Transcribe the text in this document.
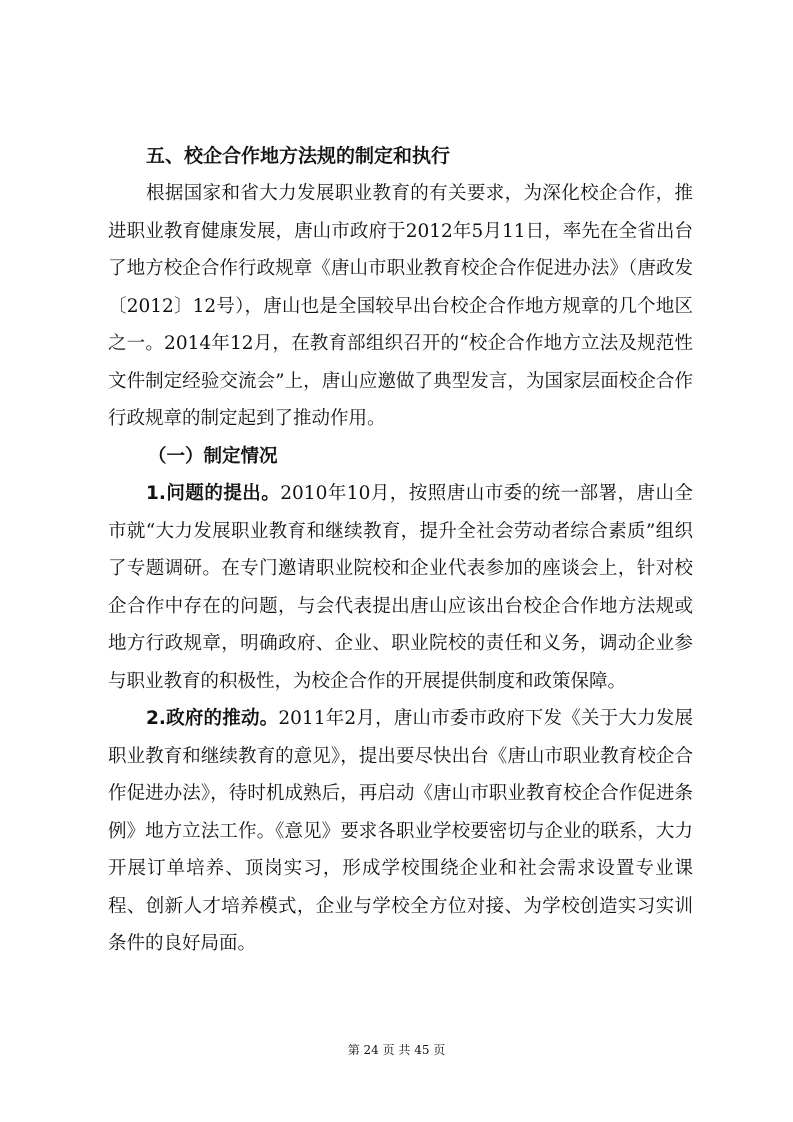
五、校企合作地方法规的制定和执行

根据国家和省大力发展职业教育的有关要求，为深化校企合作，推进职业教育健康发展，唐山市政府于2012年5月11日，率先在全省出台了地方校企合作行政规章《唐山市职业教育校企合作促进办法》（唐政发〔2012〕12号），唐山也是全国较早出台校企合作地方规章的几个地区之一。2014年12月，在教育部组织召开的“校企合作地方立法及规范性文件制定经验交流会”上，唐山应邀做了典型发言，为国家层面校企合作行政规章的制定起到了推动作用。

（一）制定情况

1.问题的提出。2010年10月，按照唐山市委的统一部署，唐山全市就“大力发展职业教育和继续教育，提升全社会劳动者综合素质”组织了专题调研。在专门邀请职业院校和企业代表参加的座谈会上，针对校企合作中存在的问题，与会代表提出唐山应该出台校企合作地方法规或地方行政规章，明确政府、企业、职业院校的责任和义务，调动企业参与职业教育的积极性，为校企合作的开展提供制度和政策保障。

2.政府的推动。2011年2月，唐山市委市政府下发《关于大力发展职业教育和继续教育的意见》，提出要尽快出台《唐山市职业教育校企合作促进办法》，待时机成熟后，再启动《唐山市职业教育校企合作促进条例》地方立法工作。《意见》要求各职业学校要密切与企业的联系，大力开展订单培养、顶岗实习，形成学校围绕企业和社会需求设置专业课程、创新人才培养模式，企业与学校全方位对接、为学校创造实习实训条件的良好局面。

第 24 页 共 45 页
